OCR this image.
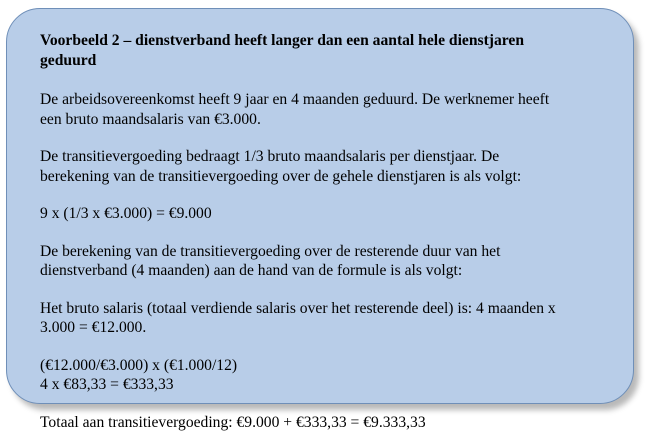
Voorbeeld 2 – dienstverband heeft langer dan een aantal hele dienstjaren
geduurd
De arbeidsovereenkomst heeft 9 jaar en 4 maanden geduurd. De werknemer heeft
een bruto maandsalaris van €3.000.
De transitievergoeding bedraagt 1/3 bruto maandsalaris per dienstjaar. De
berekening van de transitievergoeding over de gehele dienstjaren is als volgt:
9 x (1/3 x €3.000) = €9.000
De berekening van de transitievergoeding over de resterende duur van het
dienstverband (4 maanden) aan de hand van de formule is als volgt:
Het bruto salaris (totaal verdiende salaris over het resterende deel) is: 4 maanden x
3.000 = €12.000.
(€12.000/€3.000) x (€1.000/12)
4 x €83,33 = €333,33
Totaal aan transitievergoeding: €9.000 + €333,33 = €9.333,33
